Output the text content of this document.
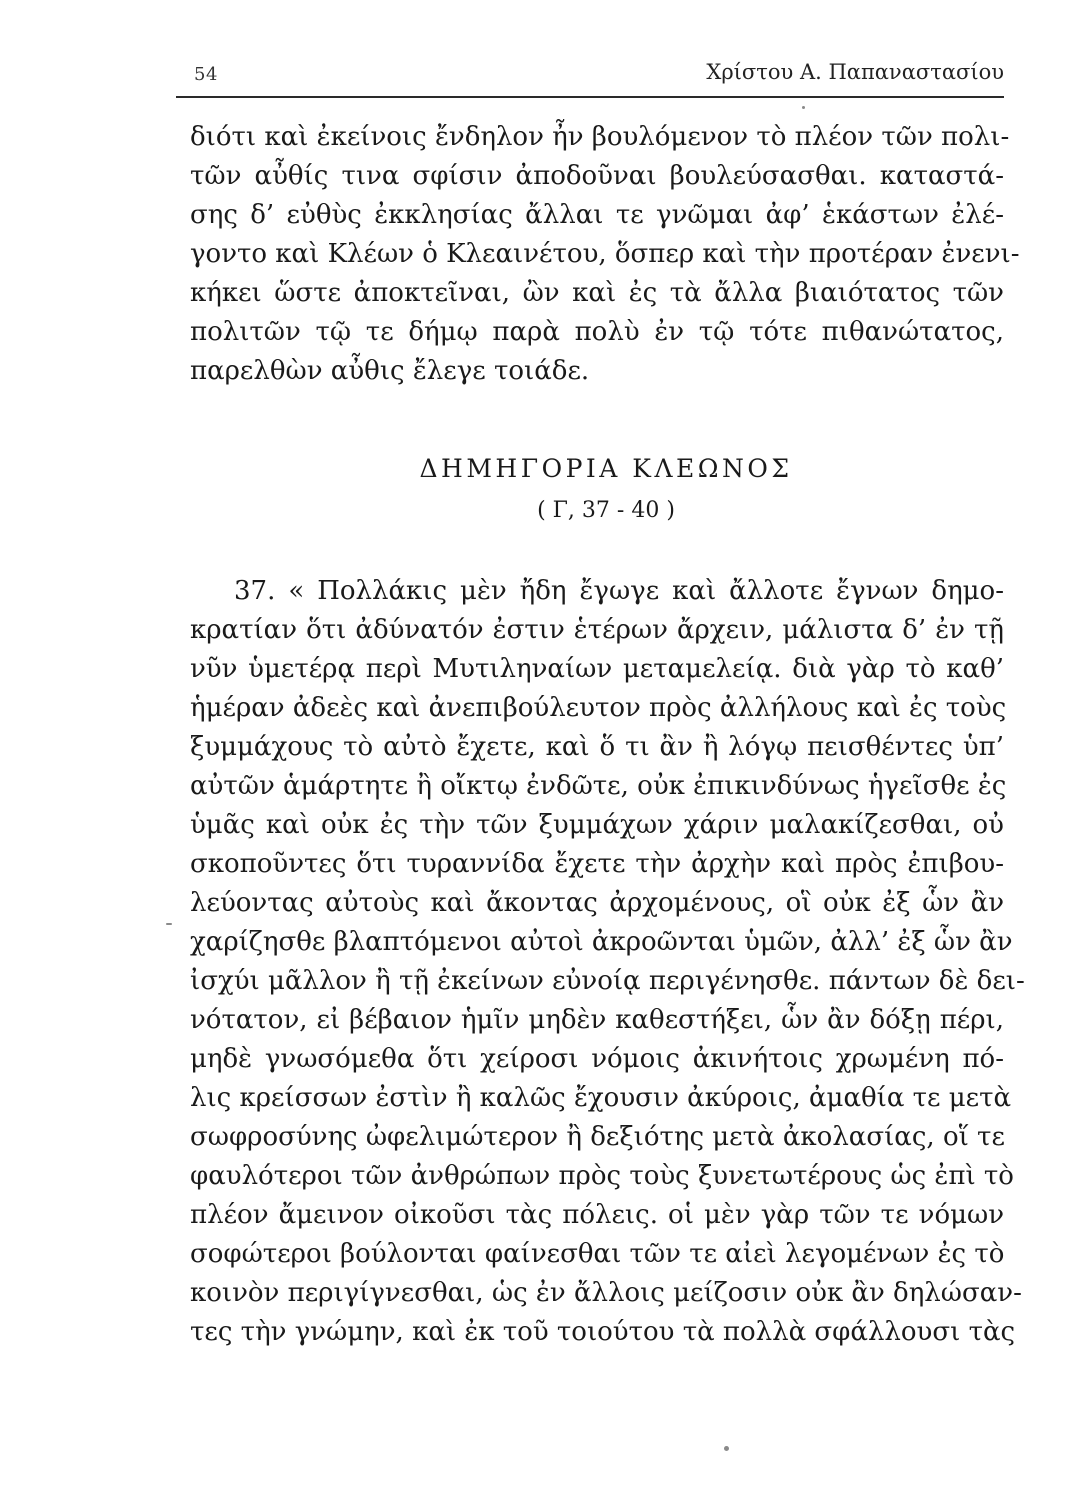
54	Χρίστου Α. Παπαναστασίου
διότι καὶ ἐκείνοις ἔνδηλον ἦν βουλόμενον τὸ πλέον τῶν πολι-
τῶν αὖθίς τινα σφίσιν ἀποδοῦναι βουλεύσασθαι. καταστά-
σης δ’ εὐθὺς ἐκκλησίας ἄλλαι τε γνῶμαι ἀφ’ ἑκάστων ἐλέ-
γοντο καὶ Κλέων ὁ Κλεαινέτου, ὅσπερ καὶ τὴν προτέραν ἐνενι-
κήκει ὥστε ἀποκτεῖναι, ὢν καὶ ἐς τὰ ἄλλα βιαιότατος τῶν
πολιτῶν τῷ τε δήμῳ παρὰ πολὺ ἐν τῷ τότε πιθανώτατος,
παρελθὼν αὖθις ἔλεγε τοιάδε.
ΔΗΜΗΓΟΡΙΑ ΚΛΕΩΝΟΣ
( Γ, 37 - 40 )
37. « Πολλάκις μὲν ἤδη ἔγωγε καὶ ἄλλοτε ἔγνων δημο-
κρατίαν ὅτι ἀδύνατόν ἐστιν ἑτέρων ἄρχειν, μάλιστα δ’ ἐν τῇ
νῦν ὑμετέρᾳ περὶ Μυτιληναίων μεταμελείᾳ. διὰ γὰρ τὸ καθ’
ἡμέραν ἀδεὲς καὶ ἀνεπιβούλευτον πρὸς ἀλλήλους καὶ ἐς τοὺς
ξυμμάχους τὸ αὐτὸ ἔχετε, καὶ ὅ τι ἂν ἢ λόγῳ πεισθέντες ὑπ’
αὐτῶν ἁμάρτητε ἢ οἴκτῳ ἐνδῶτε, οὐκ ἐπικινδύνως ἡγεῖσθε ἐς
ὑμᾶς καὶ οὐκ ἐς τὴν τῶν ξυμμάχων χάριν μαλακίζεσθαι, οὐ
σκοποῦντες ὅτι τυραννίδα ἔχετε τὴν ἀρχὴν καὶ πρὸς ἐπιβου-
λεύοντας αὐτοὺς καὶ ἄκοντας ἀρχομένους, οἳ οὐκ ἐξ ὧν ἂν
χαρίζησθε βλαπτόμενοι αὐτοὶ ἀκροῶνται ὑμῶν, ἀλλ’ ἐξ ὧν ἂν
ἰσχύι μᾶλλον ἢ τῇ ἐκείνων εὐνοίᾳ περιγένησθε. πάντων δὲ δει-
νότατον, εἰ βέβαιον ἡμῖν μηδὲν καθεστήξει, ὧν ἂν δόξῃ πέρι,
μηδὲ γνωσόμεθα ὅτι χείροσι νόμοις ἀκινήτοις χρωμένη πό-
λις κρείσσων ἐστὶν ἢ καλῶς ἔχουσιν ἀκύροις, ἀμαθία τε μετὰ
σωφροσύνης ὠφελιμώτερον ἢ δεξιότης μετὰ ἀκολασίας, οἵ τε
φαυλότεροι τῶν ἀνθρώπων πρὸς τοὺς ξυνετωτέρους ὡς ἐπὶ τὸ
πλέον ἄμεινον οἰκοῦσι τὰς πόλεις. οἱ μὲν γὰρ τῶν τε νόμων
σοφώτεροι βούλονται φαίνεσθαι τῶν τε αἰεὶ λεγομένων ἐς τὸ
κοινὸν περιγίγνεσθαι, ὡς ἐν ἄλλοις μείζοσιν οὐκ ἂν δηλώσαν-
τες τὴν γνώμην, καὶ ἐκ τοῦ τοιούτου τὰ πολλὰ σφάλλουσι τὰς
